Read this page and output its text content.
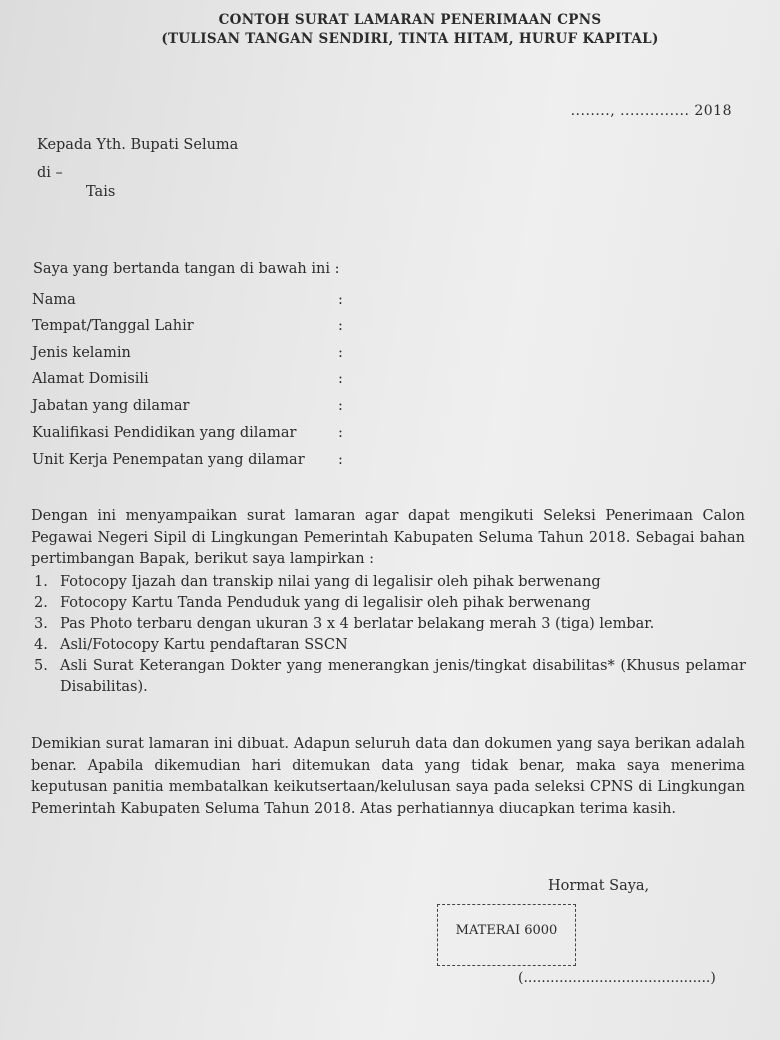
CONTOH SURAT LAMARAN PENERIMAAN CPNS
(TULISAN TANGAN SENDIRI, TINTA HITAM, HURUF KAPITAL)
........, .............. 2018
Kepada Yth. Bupati Seluma
di –
Tais
Saya yang bertanda tangan di bawah ini :
Nama	:
Tempat/Tanggal Lahir	:
Jenis kelamin	:
Alamat Domisili	:
Jabatan yang dilamar	:
Kualifikasi Pendidikan yang dilamar	:
Unit Kerja Penempatan yang dilamar :
Dengan ini menyampaikan surat lamaran agar dapat mengikuti Seleksi Penerimaan Calon Pegawai Negeri Sipil di Lingkungan Pemerintah Kabupaten Seluma Tahun 2018. Sebagai bahan pertimbangan Bapak, berikut saya lampirkan :
1. Fotocopy Ijazah dan transkip nilai yang di legalisir oleh pihak berwenang
2. Fotocopy Kartu Tanda Penduduk yang di legalisir oleh pihak berwenang
3. Pas Photo terbaru dengan ukuran 3 x 4 berlatar belakang merah 3 (tiga) lembar.
4. Asli/Fotocopy Kartu pendaftaran SSCN
5. Asli Surat Keterangan Dokter yang menerangkan jenis/tingkat disabilitas* (Khusus pelamar Disabilitas).
Demikian surat lamaran ini dibuat. Adapun seluruh data dan dokumen yang saya berikan adalah benar. Apabila dikemudian hari ditemukan data yang tidak benar, maka saya menerima keputusan panitia membatalkan keikutsertaan/kelulusan saya pada seleksi CPNS di Lingkungan Pemerintah Kabupaten Seluma Tahun 2018. Atas perhatiannya diucapkan terima kasih.
Hormat Saya,
MATERAI 6000
(..........................................)
